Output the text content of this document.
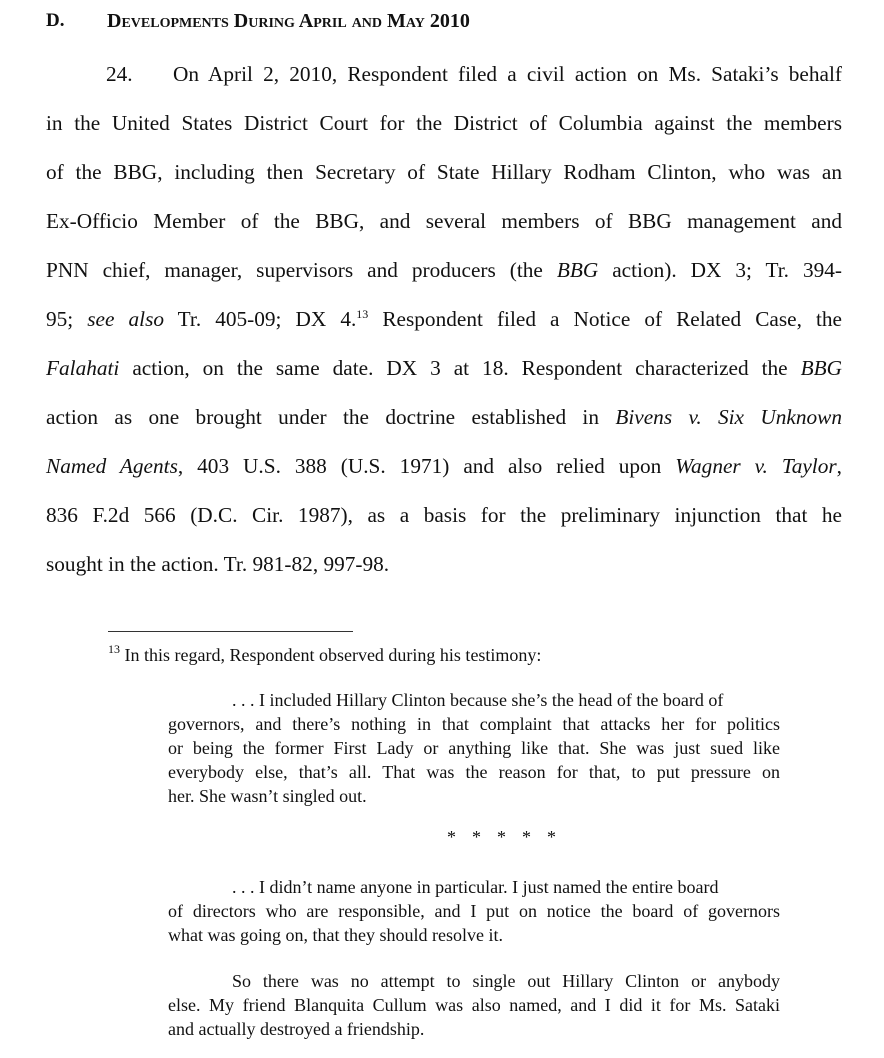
D. Developments During April and May 2010
24. On April 2, 2010, Respondent filed a civil action on Ms. Sataki’s behalf
in the United States District Court for the District of Columbia against the members
of the BBG, including then Secretary of State Hillary Rodham Clinton, who was an
Ex-Officio Member of the BBG, and several members of BBG management and
PNN chief, manager, supervisors and producers (the BBG action). DX 3; Tr. 394-
95; see also Tr. 405-09; DX 4.13 Respondent filed a Notice of Related Case, the
Falahati action, on the same date. DX 3 at 18. Respondent characterized the BBG
action as one brought under the doctrine established in Bivens v. Six Unknown
Named Agents, 403 U.S. 388 (U.S. 1971) and also relied upon Wagner v. Taylor,
836 F.2d 566 (D.C. Cir. 1987), as a basis for the preliminary injunction that he
sought in the action. Tr. 981-82, 997-98.
$^{13}$ In this regard, Respondent observed during his testimony:
. . . I included Hillary Clinton because she’s the head of the board of
governors, and there’s nothing in that complaint that attacks her for politics
or being the former First Lady or anything like that. She was just sued like
everybody else, that’s all. That was the reason for that, to put pressure on
her. She wasn’t singled out.
* * * * *
. . . I didn’t name anyone in particular. I just named the entire board
of directors who are responsible, and I put on notice the board of governors
what was going on, that they should resolve it.
So there was no attempt to single out Hillary Clinton or anybody
else. My friend Blanquita Cullum was also named, and I did it for Ms. Sataki
and actually destroyed a friendship.
